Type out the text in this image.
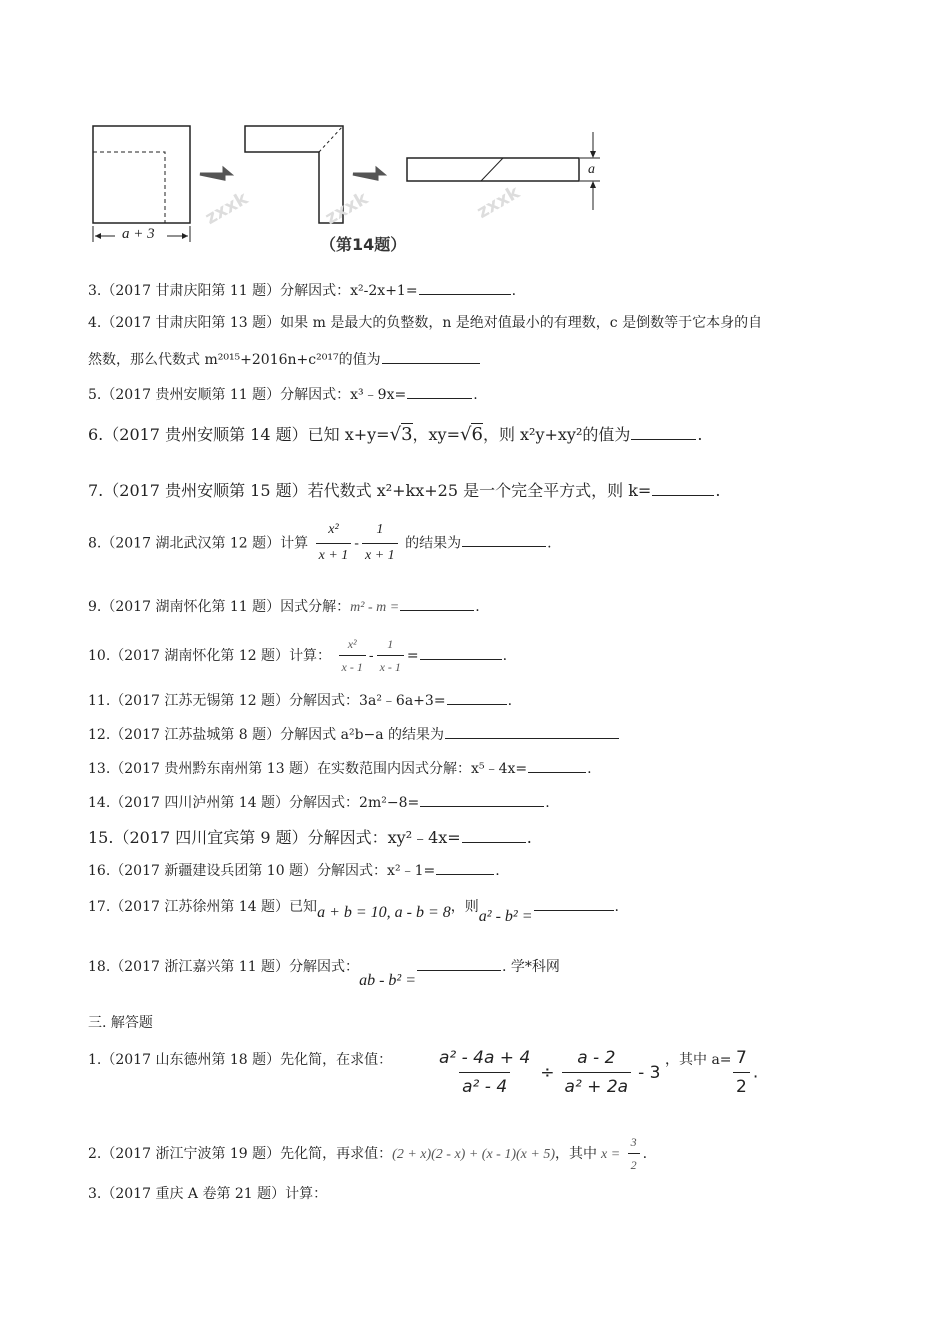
zxxk	zxxk	zxxk
a + 3
a
（第14题）
3.（2017 甘肃庆阳第 11 题）分解因式：x²-2x+1=	.
4.（2017 甘肃庆阳第 13 题）如果 m 是最大的负整数，n 是绝对值最小的有理数，c 是倒数等于它本身的自
然数，那么代数式 m²⁰¹⁵+2016n+c²⁰¹⁷的值为
5.（2017 贵州安顺第 11 题）分解因式：x³﹣9x=	.
6.（2017 贵州安顺第 14 题）已知 x+y=√3，xy=√6，则 x²y+xy²的值为	.
7.（2017 贵州安顺第 15 题）若代数式 x²+kx+25 是一个完全平方式，则 k=	.
8.（2017 湖北武汉第 12 题）计算 $\frac{\text{x²}}{x + 1} - \frac{1}{x + 1}$ 的结果为	.
9.（2017 湖南怀化第 11 题）因式分解：m² - m =	.
10.（2017 湖南怀化第 12 题）计算： $\frac{\text{x²}}{x - 1} - \frac{1}{x - 1}$ =	.
11.（2017 江苏无锡第 12 题）分解因式：3a²﹣6a+3=	.
12.（2017 江苏盐城第 8 题）分解因式 a²b−a 的结果为
13.（2017 贵州黔东南州第 13 题）在实数范围内因式分解：x⁵﹣4x=	.
14.（2017 四川泸州第 14 题）分解因式：2m²−8=	.
15.（2017 四川宜宾第 9 题）分解因式：xy²﹣4x=	.
16.（2017 新疆建设兵团第 10 题）分解因式：x²﹣1=	.
17.（2017 江苏徐州第 14 题）已知a + b = 10, a - b = 8，则a² - b² =.
18.（2017 浙江嘉兴第 11 题）分解因式：ab - b² =. 学*科网
三. 解答题
1.（2017 山东德州第 18 题）先化简，在求值：	$\frac{\text{a² - 4a + 4}}{\text{a² - 4}} \div \frac{a - 2}{\text{a² + 2a}} - 3$
，其中 $a= \frac{7}{2}$ .
2.（2017 浙江宁波第 19 题）先化简，再求值：(2 + x)(2 - x) + (x - 1)(x + 5)，其中 $x = \frac{3}{2}$ .
3.（2017 重庆 A 卷第 21 题）计算：
